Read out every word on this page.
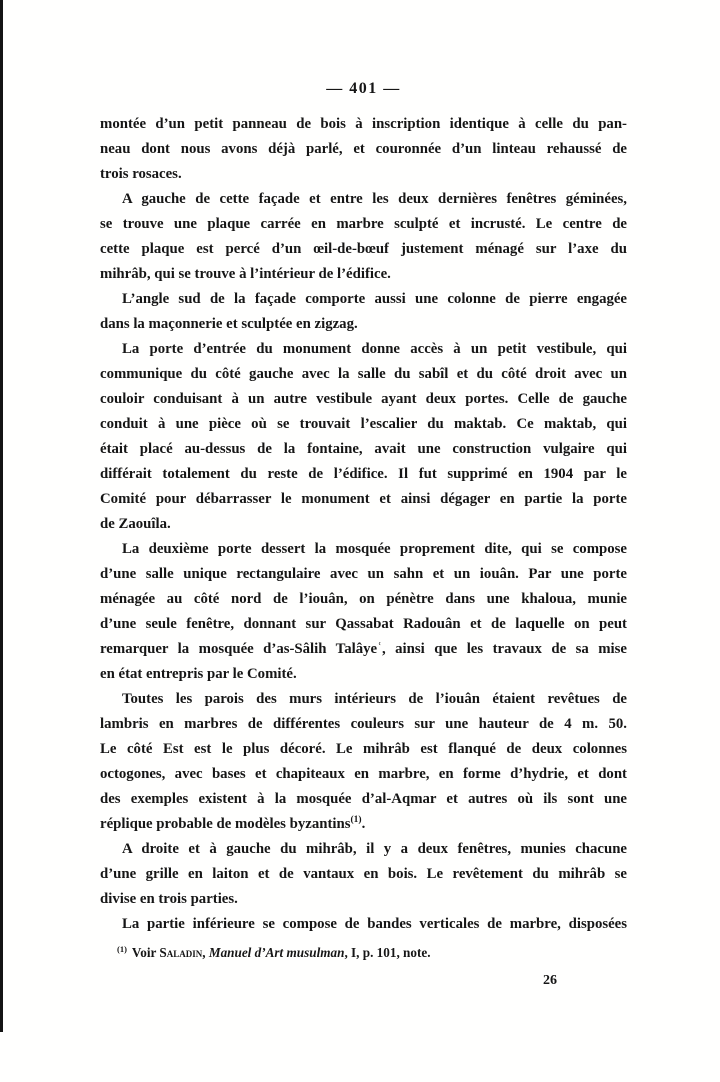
— 401 —
montée d’un petit panneau de bois à inscription identique à celle du pan-
neau dont nous avons déjà parlé, et couronnée d’un linteau rehaussé de
trois rosaces.
A gauche de cette façade et entre les deux dernières fenêtres géminées,
se trouve une plaque carrée en marbre sculpté et incrusté. Le centre de
cette plaque est percé d’un œil-de-bœuf justement ménagé sur l’axe du
mihrâb, qui se trouve à l’intérieur de l’édifice.
L’angle sud de la façade comporte aussi une colonne de pierre engagée
dans la maçonnerie et sculptée en zigzag.
La porte d’entrée du monument donne accès à un petit vestibule, qui
communique du côté gauche avec la salle du sabîl et du côté droit avec un
couloir conduisant à un autre vestibule ayant deux portes. Celle de gauche
conduit à une pièce où se trouvait l’escalier du maktab. Ce maktab, qui
était placé au-dessus de la fontaine, avait une construction vulgaire qui
différait totalement du reste de l’édifice. Il fut supprimé en 1904 par le
Comité pour débarrasser le monument et ainsi dégager en partie la porte
de Zaouîla.
La deuxième porte dessert la mosquée proprement dite, qui se compose
d’une salle unique rectangulaire avec un sahn et un iouân. Par une porte
ménagée au côté nord de l’iouân, on pénètre dans une khaloua, munie
d’une seule fenêtre, donnant sur Qassabat Radouân et de laquelle on peut
remarquer la mosquée d’as-Sâlih Talâyeʿ, ainsi que les travaux de sa mise
en état entrepris par le Comité.
Toutes les parois des murs intérieurs de l’iouân étaient revêtues de
lambris en marbres de différentes couleurs sur une hauteur de 4 m. 50.
Le côté Est est le plus décoré. Le mihrâb est flanqué de deux colonnes
octogones, avec bases et chapiteaux en marbre, en forme d’hydrie, et dont
des exemples existent à la mosquée d’al-Aqmar et autres où ils sont une
réplique probable de modèles byzantins$^{(1)}$.
A droite et à gauche du mihrâb, il y a deux fenêtres, munies chacune
d’une grille en laiton et de vantaux en bois. Le revêtement du mihrâb se
divise en trois parties.
La partie inférieure se compose de bandes verticales de marbre, disposées
$^{(1)}$ Voir Saladin, Manuel d’Art musulman, I, p. 101, note.
26
